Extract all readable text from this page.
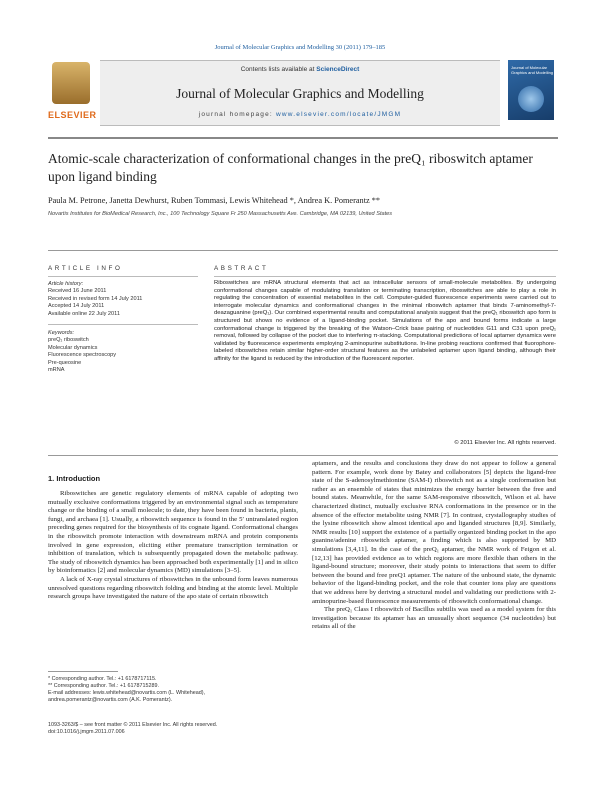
Journal of Molecular Graphics and Modelling 30 (2011) 179–185
ELSEVIER
Contents lists available at ScienceDirect
Journal of Molecular Graphics and Modelling
journal homepage: www.elsevier.com/locate/JMGM
Journal of Molecular Graphics and Modelling
Atomic-scale characterization of conformational changes in the preQ₁ riboswitch aptamer upon ligand binding
Paula M. Petrone, Janetta Dewhurst, Ruben Tommasi, Lewis Whitehead *, Andrea K. Pomerantz **
Novartis Institutes for BioMedical Research, Inc., 100 Technology Square Fr 250 Massachusetts Ave. Cambridge, MA 02139, United States
ARTICLE INFO
Article history:
Received 16 June 2011
Received in revised form 14 July 2011
Accepted 14 July 2011
Available online 22 July 2011
Keywords:
preQ₁ riboswitch
Molecular dynamics
Fluorescence spectroscopy
Pre-queosine
mRNA
ABSTRACT
Riboswitches are mRNA structural elements that act as intracellular sensors of small-molecule metabolites. By undergoing conformational changes capable of modulating translation or terminating transcription, riboswitches are able to play a role in regulating the concentration of essential metabolites in the cell. Computer-guided fluorescence experiments were carried out to interrogate molecular dynamics and conformational changes in the minimal riboswitch aptamer that binds 7-aminomethyl-7-deazaguanine (preQ₁). Our combined experimental results and computational analysis suggest that the preQ₁ riboswitch apo form is structured but shows no evidence of a ligand-binding pocket. Simulations of the apo and bound forms indicate a large conformational change is triggered by the breaking of the Watson–Crick base pairing of nucleotides G11 and C31 upon preQ₁ removal, followed by collapse of the pocket due to interfering π-stacking. Computational predictions of local aptamer dynamics were validated by fluorescence experiments employing 2-aminopurine substitutions. In-line probing reactions confirmed that fluorophore-labeled riboswitches retain similar higher-order structural features as the unlabeled aptamer upon ligand binding, although their affinity for the ligand is reduced by the introduction of the fluorescent reporter.
© 2011 Elsevier Inc. All rights reserved.
1. Introduction

Riboswitches are genetic regulatory elements of mRNA capable of adopting two mutually exclusive conformations triggered by an environmental signal such as temperature change or the binding of a small molecule; to date, they have been found in bacteria, plants, fungi, and archaea [1]. Usually, a riboswitch sequence is found in the 5′ untranslated region preceding genes required for the biosynthesis of its cognate ligand. Conformational changes in the riboswitch promote interaction with downstream mRNA and protein components involved in gene expression, eliciting either premature transcription termination or inhibition of translation, which is subsequently propagated down the metabolic pathway. The study of riboswitch dynamics has been approached both experimentally [1] and in silico by bioinformatics [2] and molecular dynamics (MD) simulations [3–5].

A lack of X-ray crystal structures of riboswitches in the unbound form leaves numerous unresolved questions regarding riboswitch folding and binding at the atomic level. Multiple research groups have investigated the nature of the apo state of certain riboswitch

aptamers, and the results and conclusions they draw do not appear to follow a general pattern. For example, work done by Batey and collaborators [5] depicts the ligand-free state of the S-adenosylmethionine (SAM-I) riboswitch not as a single conformation but rather as an ensemble of states that minimizes the energy barrier between the free and bound states. Meanwhile, for the same SAM-responsive riboswitch, Wilson et al. have characterized distinct, mutually exclusive RNA conformations in the presence or in the absence of the effector metabolite using NMR [7]. In contrast, crystallography studies of the lysine riboswitch show almost identical apo and liganded structures [8,9]. Similarly, NMR results [10] support the existence of a partially organized binding pocket in the apo guanine/adenine riboswitch aptamer, a finding which is also supported by MD simulations [3,4,11]. In the case of the preQ₁ aptamer, the NMR work of Feigon et al. [12,13] has provided evidence as to which regions are more flexible than others in the ligand-bound structure; moreover, their study points to interactions that seem to differ between the bound and free preQ1 aptamer. The nature of the unbound state, the dynamic behavior of the ligand-binding pocket, and the role that counter ions play are questions that we address here by deriving a structural model and validating our predictions with 2-aminopurine-based fluorescence measurements of riboswitch conformational change.

The preQ₁ Class I riboswitch of Bacillus subtilis was used as a model system for this investigation because its aptamer has an unusually short sequence (34 nucleotides) but retains all of the

* Corresponding author. Tel.: +1 6178717115.
** Corresponding author. Tel.: +1 6178715289.
E-mail addresses: lewis.whitehead@novartis.com (L. Whitehead),
andrea.pomerantz@novartis.com (A.K. Pomerantz).
1093-3263/$ – see front matter © 2011 Elsevier Inc. All rights reserved.
doi:10.1016/j.jmgm.2011.07.006
